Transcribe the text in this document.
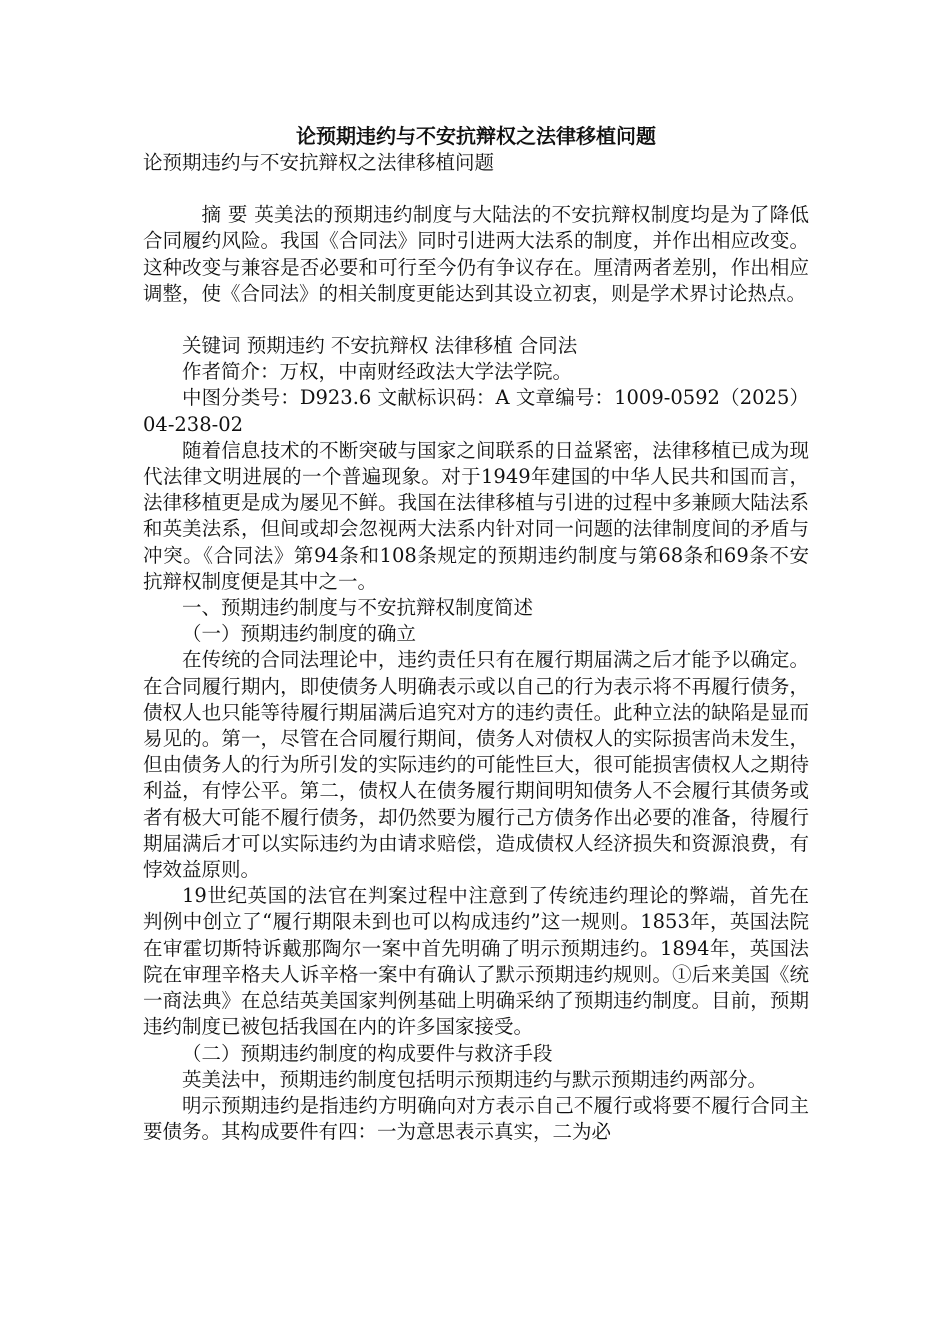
论预期违约与不安抗辩权之法律移植问题

论预期违约与不安抗辩权之法律移植问题

摘 要 英美法的预期违约制度与大陆法的不安抗辩权制度均是为了降低合同履约风险。我国《合同法》同时引进两大法系的制度，并作出相应改变。这种改变与兼容是否必要和可行至今仍有争议存在。厘清两者差别，作出相应调整，使《合同法》的相关制度更能达到其设立初衷，则是学术界讨论热点。

关键词 预期违约 不安抗辩权 法律移植 合同法

作者简介：万权，中南财经政法大学法学院。

中图分类号：D923.6 文献标识码：A 文章编号：1009-0592（2025）04-238-02

随着信息技术的不断突破与国家之间联系的日益紧密，法律移植已成为现代法律文明进展的一个普遍现象。对于1949年建国的中华人民共和国而言，法律移植更是成为屡见不鲜。我国在法律移植与引进的过程中多兼顾大陆法系和英美法系，但间或却会忽视两大法系内针对同一问题的法律制度间的矛盾与冲突。《合同法》第94条和108条规定的预期违约制度与第68条和69条不安抗辩权制度便是其中之一。

一、预期违约制度与不安抗辩权制度简述

（一）预期违约制度的确立

在传统的合同法理论中，违约责任只有在履行期届满之后才能予以确定。在合同履行期内，即使债务人明确表示或以自己的行为表示将不再履行债务，债权人也只能等待履行期届满后追究对方的违约责任。此种立法的缺陷是显而易见的。第一，尽管在合同履行期间，债务人对债权人的实际损害尚未发生，但由债务人的行为所引发的实际违约的可能性巨大，很可能损害债权人之期待利益，有悖公平。第二，债权人在债务履行期间明知债务人不会履行其债务或者有极大可能不履行债务，却仍然要为履行己方债务作出必要的准备，待履行期届满后才可以实际违约为由请求赔偿，造成债权人经济损失和资源浪费，有悖效益原则。

19世纪英国的法官在判案过程中注意到了传统违约理论的弊端，首先在判例中创立了“履行期限未到也可以构成违约”这一规则。1853年，英国法院在审霍切斯特诉戴那陶尔一案中首先明确了明示预期违约。1894年，英国法院在审理辛格夫人诉辛格一案中有确认了默示预期违约规则。①后来美国《统一商法典》在总结英美国家判例基础上明确采纳了预期违约制度。目前，预期违约制度已被包括我国在内的许多国家接受。

（二）预期违约制度的构成要件与救济手段

英美法中，预期违约制度包括明示预期违约与默示预期违约两部分。

明示预期违约是指违约方明确向对方表示自己不履行或将要不履行合同主要债务。其构成要件有四：一为意思表示真实，二为必
